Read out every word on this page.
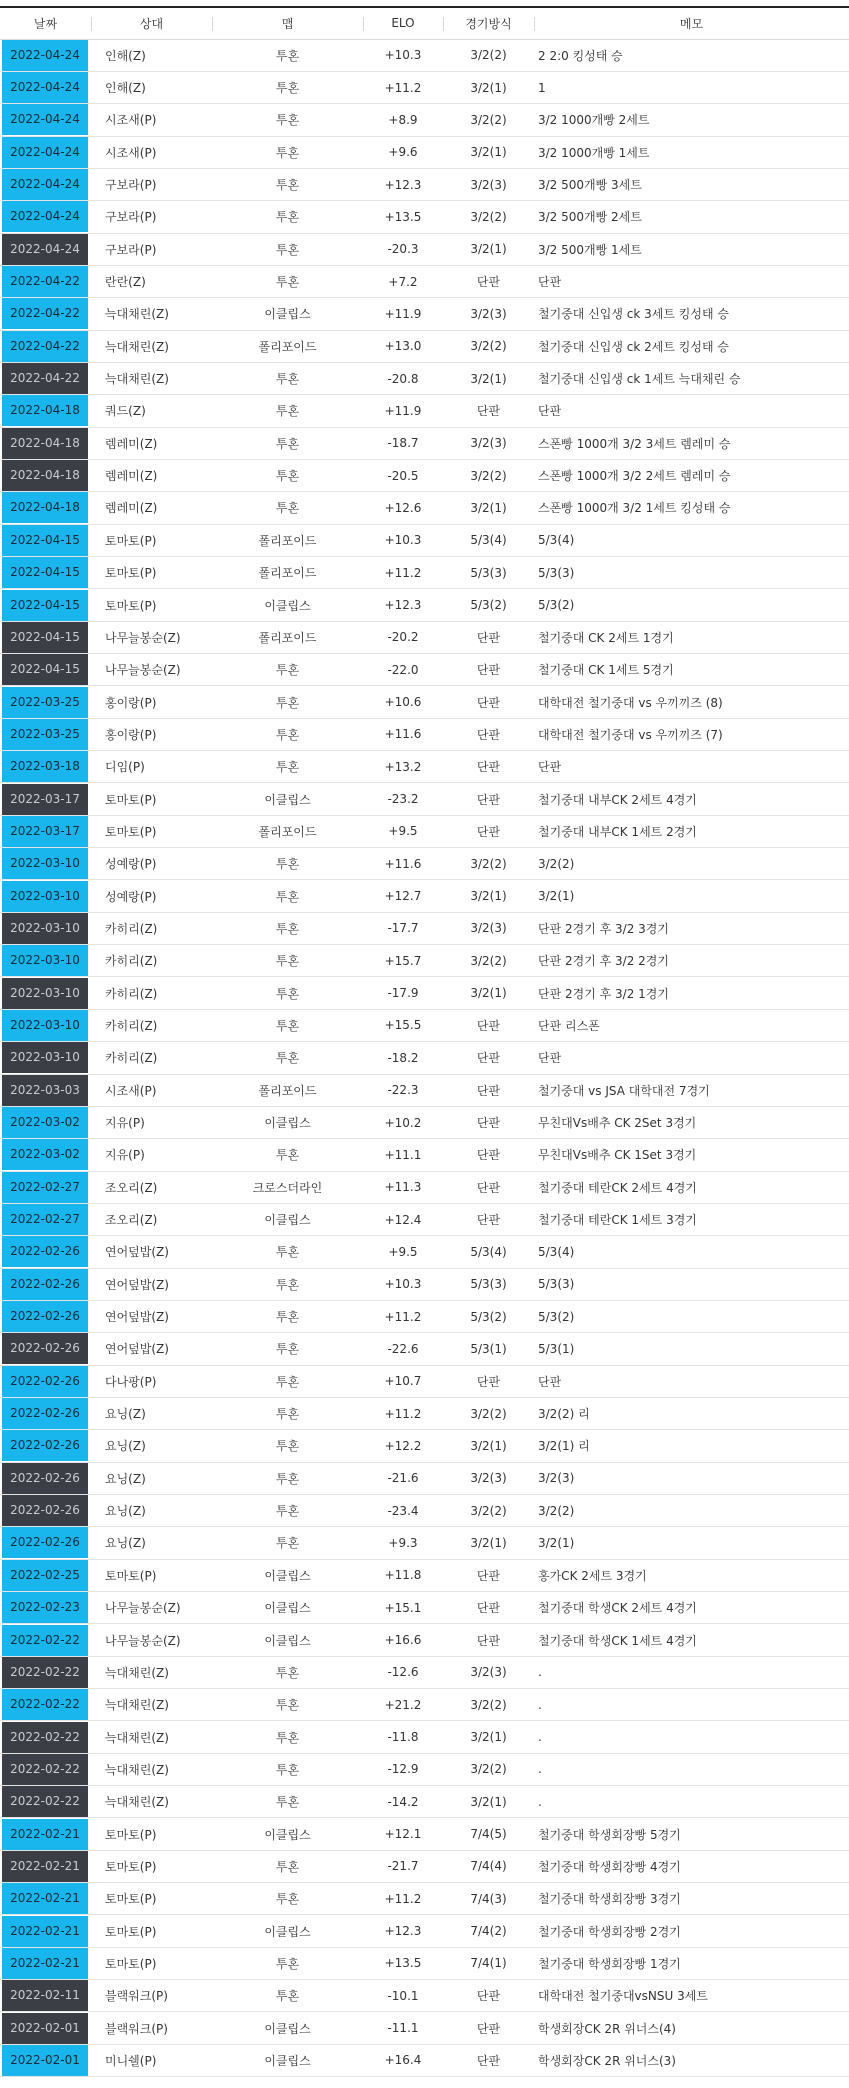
날짜	상대	맵	ELO	경기방식	메모

2022-04-24	인해(Z)	투혼	+10.3	3/2(2)	2 2:0 킹성태 승

2022-04-24	인해(Z)	투혼	+11.2	3/2(1)	1

2022-04-24	시조새(P)	투혼	+8.9	3/2(2)	3/2 1000개빵 2세트

2022-04-24	시조새(P)	투혼	+9.6	3/2(1)	3/2 1000개빵 1세트

2022-04-24	구보라(P)	투혼	+12.3	3/2(3)	3/2 500개빵 3세트

2022-04-24	구보라(P)	투혼	+13.5	3/2(2)	3/2 500개빵 2세트

2022-04-24	구보라(P)	투혼	-20.3	3/2(1)	3/2 500개빵 1세트

2022-04-22	란란(Z)	투혼	+7.2	단판	단판

2022-04-22	늑대채린(Z)	이클립스	+11.9	3/2(3)	철기중대 신입생 ck 3세트 킹성태 승

2022-04-22	늑대채린(Z)	폴리포이드	+13.0	3/2(2)	철기중대 신입생 ck 2세트 킹성태 승

2022-04-22	늑대채린(Z)	투혼	-20.8	3/2(1)	철기중대 신입생 ck 1세트 늑대채린 승

2022-04-18	쿼드(Z)	투혼	+11.9	단판	단판

2022-04-18	렘레미(Z)	투혼	-18.7	3/2(3)	스폰빵 1000개 3/2 3세트 렘레미 승

2022-04-18	렘레미(Z)	투혼	-20.5	3/2(2)	스폰빵 1000개 3/2 2세트 렘레미 승

2022-04-18	렘레미(Z)	투혼	+12.6	3/2(1)	스폰빵 1000개 3/2 1세트 킹성태 승

2022-04-15	토마토(P)	폴리포이드	+10.3	5/3(4)	5/3(4)

2022-04-15	토마토(P)	폴리포이드	+11.2	5/3(3)	5/3(3)

2022-04-15	토마토(P)	이클립스	+12.3	5/3(2)	5/3(2)

2022-04-15	나무늘봉순(Z)	폴리포이드	-20.2	단판	철기중대 CK 2세트 1경기

2022-04-15	나무늘봉순(Z)	투혼	-22.0	단판	철기중대 CK 1세트 5경기

2022-03-25	홍이랑(P)	투혼	+10.6	단판	대학대전 철기중대 vs 우끼끼즈 (8)

2022-03-25	홍이랑(P)	투혼	+11.6	단판	대학대전 철기중대 vs 우끼끼즈 (7)

2022-03-18	디임(P)	투혼	+13.2	단판	단판

2022-03-17	토마토(P)	이클립스	-23.2	단판	철기중대 내부CK 2세트 4경기

2022-03-17	토마토(P)	폴리포이드	+9.5	단판	철기중대 내부CK 1세트 2경기

2022-03-10	성예랑(P)	투혼	+11.6	3/2(2)	3/2(2)

2022-03-10	성예랑(P)	투혼	+12.7	3/2(1)	3/2(1)

2022-03-10	카히리(Z)	투혼	-17.7	3/2(3)	단판 2경기 후 3/2 3경기

2022-03-10	카히리(Z)	투혼	+15.7	3/2(2)	단판 2경기 후 3/2 2경기

2022-03-10	카히리(Z)	투혼	-17.9	3/2(1)	단판 2경기 후 3/2 1경기

2022-03-10	카히리(Z)	투혼	+15.5	단판	단판 리스폰

2022-03-10	카히리(Z)	투혼	-18.2	단판	단판

2022-03-03	시조새(P)	폴리포이드	-22.3	단판	철기중대 vs JSA 대학대전 7경기

2022-03-02	지유(P)	이클립스	+10.2	단판	무친대Vs배추 CK 2Set 3경기

2022-03-02	지유(P)	투혼	+11.1	단판	무친대Vs배추 CK 1Set 3경기

2022-02-27	조오리(Z)	크로스더라인	+11.3	단판	철기중대 테란CK 2세트 4경기

2022-02-27	조오리(Z)	이클립스	+12.4	단판	철기중대 테란CK 1세트 3경기

2022-02-26	연어덮밥(Z)	투혼	+9.5	5/3(4)	5/3(4)

2022-02-26	연어덮밥(Z)	투혼	+10.3	5/3(3)	5/3(3)

2022-02-26	연어덮밥(Z)	투혼	+11.2	5/3(2)	5/3(2)

2022-02-26	연어덮밥(Z)	투혼	-22.6	5/3(1)	5/3(1)

2022-02-26	다나팡(P)	투혼	+10.7	단판	단판

2022-02-26	요닝(Z)	투혼	+11.2	3/2(2)	3/2(2) 리

2022-02-26	요닝(Z)	투혼	+12.2	3/2(1)	3/2(1) 리

2022-02-26	요닝(Z)	투혼	-21.6	3/2(3)	3/2(3)

2022-02-26	요닝(Z)	투혼	-23.4	3/2(2)	3/2(2)

2022-02-26	요닝(Z)	투혼	+9.3	3/2(1)	3/2(1)

2022-02-25	토마토(P)	이클립스	+11.8	단판	홍가CK 2세트 3경기

2022-02-23	나무늘봉순(Z)	이클립스	+15.1	단판	철기중대 학생CK 2세트 4경기

2022-02-22	나무늘봉순(Z)	이클립스	+16.6	단판	철기중대 학생CK 1세트 4경기

2022-02-22	늑대채린(Z)	투혼	-12.6	3/2(3)	.

2022-02-22	늑대채린(Z)	투혼	+21.2	3/2(2)	.

2022-02-22	늑대채린(Z)	투혼	-11.8	3/2(1)	.

2022-02-22	늑대채린(Z)	투혼	-12.9	3/2(2)	.

2022-02-22	늑대채린(Z)	투혼	-14.2	3/2(1)	.

2022-02-21	토마토(P)	이클립스	+12.1	7/4(5)	철기중대 학생회장빵 5경기

2022-02-21	토마토(P)	투혼	-21.7	7/4(4)	철기중대 학생회장빵 4경기

2022-02-21	토마토(P)	투혼	+11.2	7/4(3)	철기중대 학생회장빵 3경기

2022-02-21	토마토(P)	이클립스	+12.3	7/4(2)	철기중대 학생회장빵 2경기

2022-02-21	토마토(P)	투혼	+13.5	7/4(1)	철기중대 학생회장빵 1경기

2022-02-11	블랙워크(P)	투혼	-10.1	단판	대학대전 철기중대vsNSU 3세트

2022-02-01	블랙워크(P)	이클립스	-11.1	단판	학생회장CK 2R 위너스(4)

2022-02-01	미니쉘(P)	이클립스	+16.4	단판	학생회장CK 2R 위너스(3)
